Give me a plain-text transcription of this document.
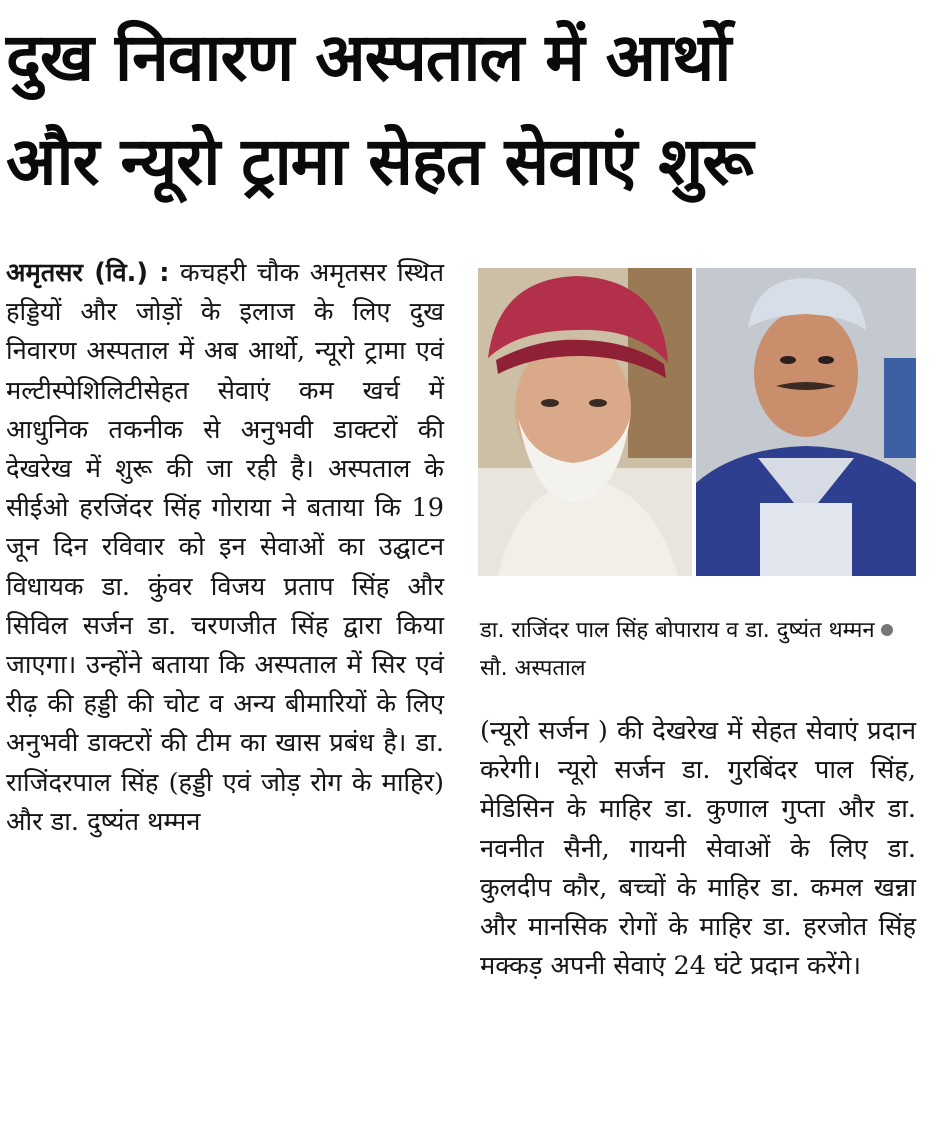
दुख निवारण अस्पताल में आर्थो
और न्यूरो ट्रामा सेहत सेवाएं शुरू

अमृतसर (वि.) : कचहरी चौक अमृतसर स्थित हड्डियों और जोड़ों के इलाज के लिए दुख निवारण अस्पताल में अब आर्थो, न्यूरो ट्रामा एवं मल्टीस्पेशिलिटीसेहत सेवाएं कम खर्च में आधुनिक तकनीक से अनुभवी डाक्टरों की देखरेख में शुरू की जा रही है। अस्पताल के सीईओ हरजिंदर सिंह गोराया ने बताया कि 19 जून दिन रविवार को इन सेवाओं का उद्घाटन विधायक डा. कुंवर विजय प्रताप सिंह और सिविल सर्जन डा. चरणजीत सिंह द्वारा किया जाएगा। उन्होंने बताया कि अस्पताल में सिर एवं रीढ़ की हड्डी की चोट व अन्य बीमारियों के लिए अनुभवी डाक्टरों की टीम का खास प्रबंध है। डा. राजिंदरपाल सिंह (हड्डी एवं जोड़ रोग के माहिर) और डा. दुष्यंत थम्मन

डा. राजिंदर पाल सिंह बोपाराय व डा. दुष्यंत थम्मनसौ. अस्पताल

(न्यूरो सर्जन ) की देखरेख में सेहत सेवाएं प्रदान करेगी। न्यूरो सर्जन डा. गुरबिंदर पाल सिंह, मेडिसिन के माहिर डा. कुणाल गुप्ता और डा. नवनीत सैनी, गायनी सेवाओं के लिए डा. कुलदीप कौर, बच्चों के माहिर डा. कमल खन्ना और मानसिक रोगों के माहिर डा. हरजोत सिंह मक्कड़ अपनी सेवाएं 24 घंटे प्रदान करेंगे।
